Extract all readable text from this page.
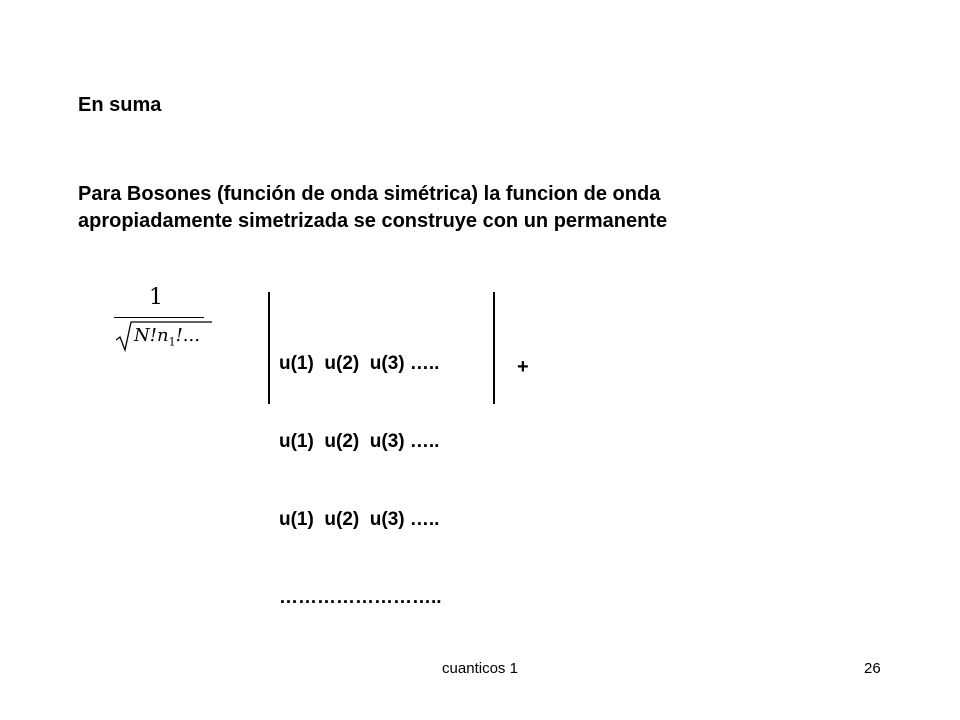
En suma

Para Bosones (función de onda simétrica) la funcion de onda
apropiadamente simetrizada se construye con un permanente
1
$N!n_1$!...

u(1)  u(2)  u(3) …..

u(1)  u(2)  u(3) …..

u(1)  u(2)  u(3) …..

……………………..

+
cuanticos 1	26
